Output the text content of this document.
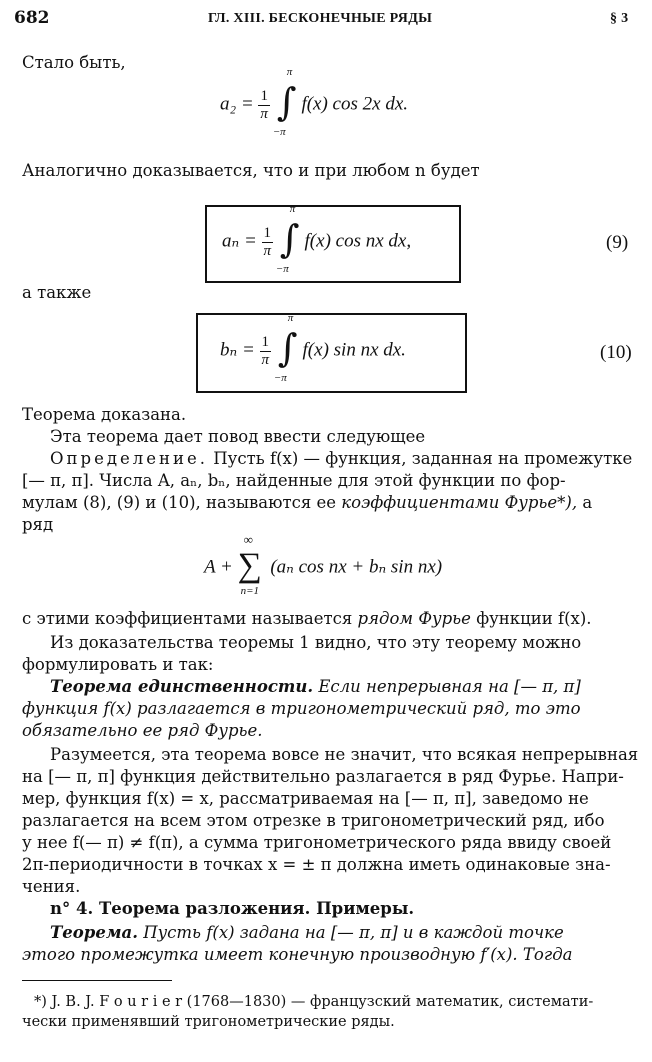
682	ГЛ. XIII. БЕСКОНЕЧНЫЕ РЯДЫ	§ 3
Стало быть,
$a_2 = \frac{1}{\pi}$
∫
π
−π
f(x) cos 2x dx.
Аналогично доказывается, что и при любом n будет
$a_n = \frac{1}{\pi}$
∫
π
−π
f(x) cos nx dx,	(9)
а также
$b_n = \frac{1}{\pi}$
∫
π
−π
f(x) sin nx dx.	(10)
Теорема доказана.
Эта теорема дает повод ввести следующее
Определение. Пусть f(x) — функция, заданная на промежутке
[— π, π]. Числа A, aₙ, bₙ, найденные для этой функции по фор-
мулам (8), (9) и (10), называются ее коэффициентами Фурье*), а
ряд
A + ∑
∞
n=1
(aₙ cos nx + bₙ sin nx)
с этими коэффициентами называется рядом Фурье функции f(x).
Из доказательства теоремы 1 видно, что эту теорему можно
формулировать и так:
Теорема единственности. Если непрерывная на [— π, π]
функция f(x) разлагается в тригонометрический ряд, то это
обязательно ее ряд Фурье.
Разумеется, эта теорема вовсе не значит, что всякая непрерывная
на [— π, π] функция действительно разлагается в ряд Фурье. Напри-
мер, функция f(x) = x, рассматриваемая на [— π, π], заведомо не
разлагается на всем этом отрезке в тригонометрический ряд, ибо
у нее f(— π) ≠ f(π), а сумма тригонометрического ряда ввиду своей
2π-периодичности в точках x = ± π должна иметь одинаковые зна-
чения.
n° 4. Теорема разложения. Примеры.
Теорема. Пусть f(x) задана на [— π, π] и в каждой точке
этого промежутка имеет конечную производную f′(x). Тогда
*) J. B. J. F o u r i e r (1768—1830) — французский математик, системати-
чески применявший тригонометрические ряды.
